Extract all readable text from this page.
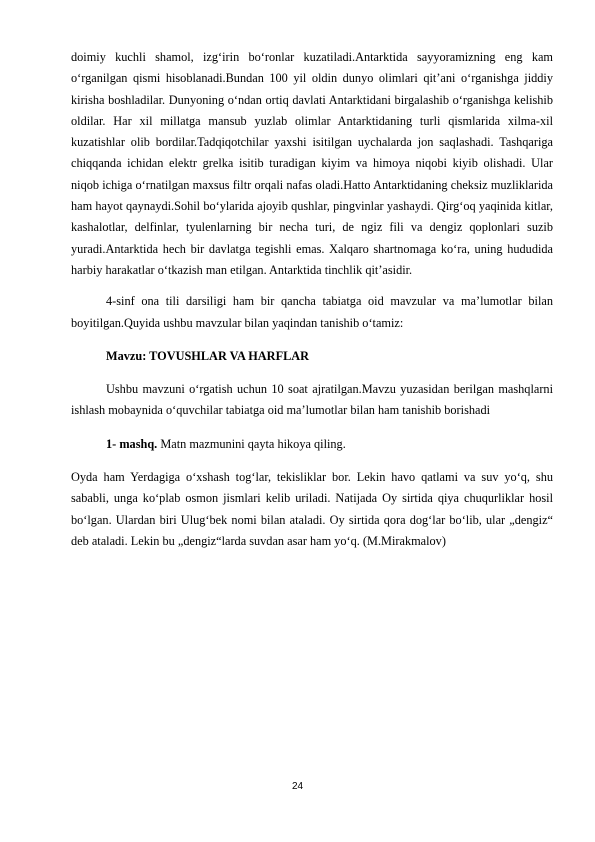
doimiy kuchli shamol, izg‘irin bo‘ronlar kuzatiladi.Antarktida sayyoramizning eng kam o‘rganilgan qismi hisoblanadi.Bundan 100 yil oldin dunyo olimlari qit’ani o‘rganishga jiddiy kirisha boshladilar. Dunyoning o‘ndan ortiq davlati Antarktidani birgalashib o‘rganishga kelishib oldilar. Har xil millatga mansub yuzlab olimlar Antarktidaning turli qismlarida xilma-xil kuzatishlar olib bordilar.Tadqiqotchilar yaxshi isitilgan uychalarda jon saqlashadi. Tashqariga chiqqanda ichidan elektr grelka isitib turadigan kiyim va himoya niqobi kiyib olishadi. Ular niqob ichiga o‘rnatilgan maxsus filtr orqali nafas oladi.Hatto Antarktidaning cheksiz muzliklarida ham hayot qaynaydi.Sohil bo‘ylarida ajoyib qushlar, pingvinlar yashaydi. Qirg‘oq yaqinida kitlar, kashalotlar, delfinlar, tyulenlarning bir necha turi, de ngiz fili va dengiz qoplonlari suzib yuradi.Antarktida hech bir davlatga tegishli emas. Xalqaro shartnomaga ko‘ra, uning hududida harbiy harakatlar o‘tkazish man etilgan. Antarktida tinchlik qit’asidir.

4-sinf ona tili darsiligi ham bir qancha tabiatga oid mavzular va ma’lumotlar bilan boyitilgan.Quyida ushbu mavzular bilan yaqindan tanishib o‘tamiz:

Mavzu: TOVUSHLAR VA HARFLAR

Ushbu mavzuni o‘rgatish uchun 10 soat ajratilgan.Mavzu yuzasidan berilgan mashqlarni ishlash mobaynida o‘quvchilar tabiatga oid ma’lumotlar bilan ham tanishib borishadi

1- mashq. Matn mazmunini qayta hikoya qiling.

Oyda ham Yerdagiga o‘xshash tog‘lar, tekisliklar bor. Lekin havo qatlami va suv yo‘q, shu sababli, unga ko‘plab osmon jismlari kelib uriladi. Natijada Oy sirtida qiya chuqurliklar hosil bo‘lgan. Ulardan biri Ulug‘bek nomi bilan ataladi. Oy sirtida qora dog‘lar bo‘lib, ular „dengiz“ deb ataladi. Lekin bu „dengiz“larda suvdan asar ham yo‘q. (M.Mirakmalov)

24
